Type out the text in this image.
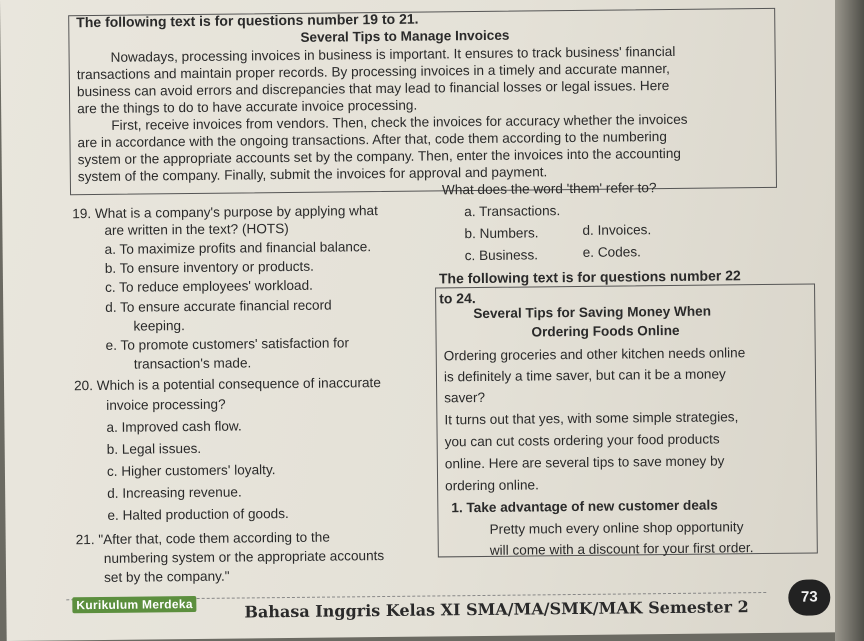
The following text is for questions number 19 to 21.
Several Tips to Manage Invoices
Nowadays, processing invoices in business is important. It ensures to track business' financial
transactions and maintain proper records. By processing invoices in a timely and accurate manner,
business can avoid errors and discrepancies that may lead to financial losses or legal issues. Here
are the things to do to have accurate invoice processing.
First, receive invoices from vendors. Then, check the invoices for accuracy whether the invoices
are in accordance with the ongoing transactions. After that, code them according to the numbering
system or the appropriate accounts set by the company. Then, enter the invoices into the accounting
system of the company. Finally, submit the invoices for approval and payment.
19. What is a company's purpose by applying what
are written in the text? (HOTS)
a. To maximize profits and financial balance.
b. To ensure inventory or products.
c. To reduce employees' workload.
d. To ensure accurate financial record
keeping.
e. To promote customers' satisfaction for
transaction's made.
20. Which is a potential consequence of inaccurate
invoice processing?
a. Improved cash flow.
b. Legal issues.
c. Higher customers' loyalty.
d. Increasing revenue.
e. Halted production of goods.
21. "After that, code them according to the
numbering system or the appropriate accounts
set by the company."
What does the word 'them' refer to?
a. Transactions.
b. Numbers.	d. Invoices.
c. Business.	e. Codes.
The following text is for questions number 22
to 24.
Several Tips for Saving Money When
Ordering Foods Online
Ordering groceries and other kitchen needs online
is definitely a time saver, but can it be a money
saver?
It turns out that yes, with some simple strategies,
you can cut costs ordering your food products
online. Here are several tips to save money by
ordering online.
1. Take advantage of new customer deals
Pretty much every online shop opportunity
will come with a discount for your first order.
Kurikulum Merdeka	Bahasa Inggris Kelas XI SMA/MA/SMK/MAK Semester 2
73
